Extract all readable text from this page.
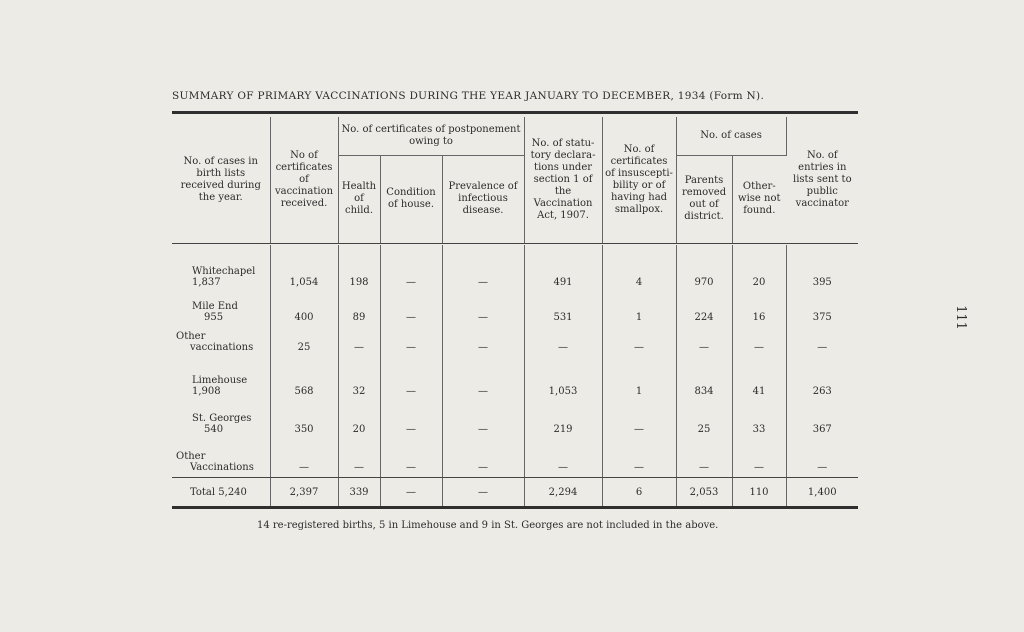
SUMMARY OF PRIMARY VACCINATIONS DURING THE YEAR JANUARY TO DECEMBER, 1934 (Form N).
No. of cases in birth lists received during the year.	No of certificates of vaccination received.	No. of certificates of postponement owing to			No. of statu-tory declara-tions under section 1 of the Vaccination Act, 1907.	No. of certificates of insuscepti-bility or of having had smallpox.	No. of cases		No. of entries in lists sent to public vaccinator
		Health of child.	Condition of house.	Prevalence of infectious disease.			Parents removed out of district.	Other-wise not found.	
Whitechapel
1,837	1,054	198	—	—	491	4	970	20	395

Mile End
955	400	89	—	—	531	1	224	16	375

Other
vaccinations	25	—	—	—	—	—	—	—	—

Limehouse
1,908	568	32	—	—	1,053	1	834	41	263

St. Georges
540	350	20	—	—	219	—	25	33	367

Other
Vaccinations	—	—	—	—	—	—	—	—	—
Total 5,240	2,397	339	—	—	2,294	6	2,053	110	1,400
14 re-registered births, 5 in Limehouse and 9 in St. Georges are not included in the above.
111
